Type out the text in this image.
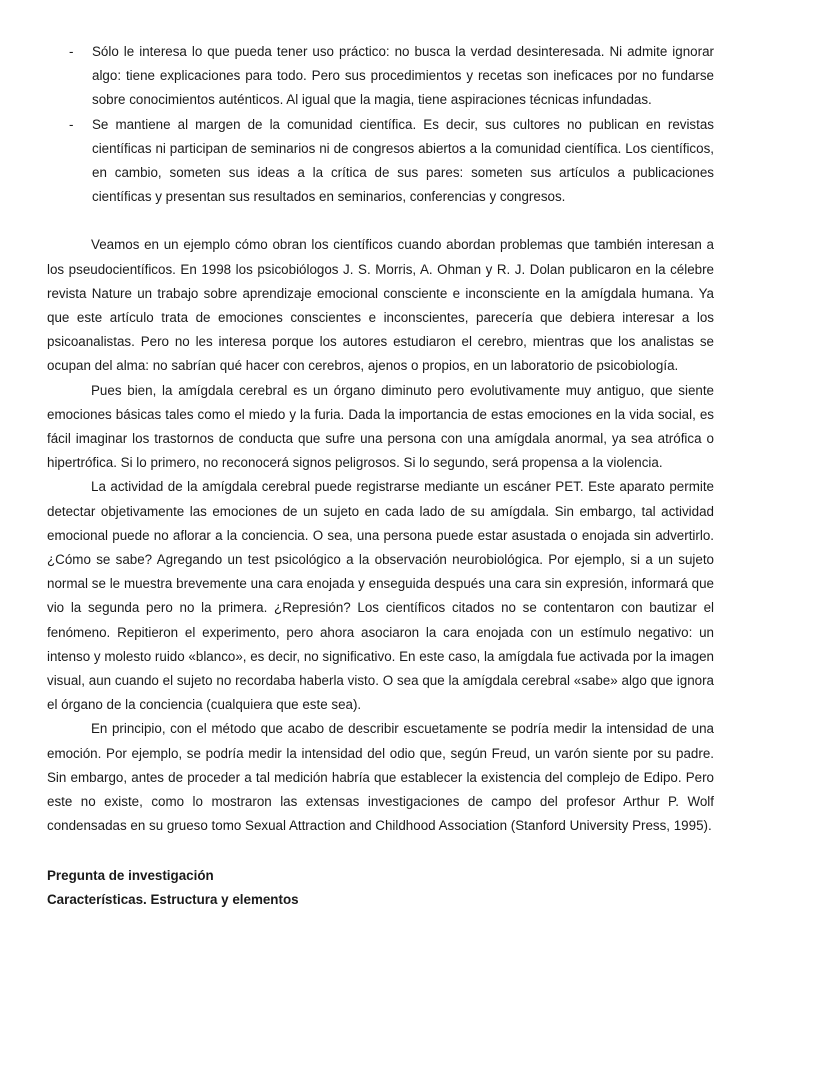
- Sólo le interesa lo que pueda tener uso práctico: no busca la verdad desinteresada. Ni admite ignorar algo: tiene explicaciones para todo. Pero sus procedimientos y recetas son ineficaces por no fundarse sobre conocimientos auténticos. Al igual que la magia, tiene aspiraciones técnicas infundadas.
- Se mantiene al margen de la comunidad científica. Es decir, sus cultores no publican en revistas científicas ni participan de seminarios ni de congresos abiertos a la comunidad científica. Los científicos, en cambio, someten sus ideas a la crítica de sus pares: someten sus artículos a publicaciones científicas y presentan sus resultados en seminarios, conferencias y congresos.

Veamos en un ejemplo cómo obran los científicos cuando abordan problemas que también interesan a los pseudocientíficos. En 1998 los psicobiólogos J. S. Morris, A. Ohman y R. J. Dolan publicaron en la célebre revista Nature un trabajo sobre aprendizaje emocional consciente e inconsciente en la amígdala humana. Ya que este artículo trata de emociones conscientes e inconscientes, parecería que debiera interesar a los psicoanalistas. Pero no les interesa porque los autores estudiaron el cerebro, mientras que los analistas se ocupan del alma: no sabrían qué hacer con cerebros, ajenos o propios, en un laboratorio de psicobiología.

Pues bien, la amígdala cerebral es un órgano diminuto pero evolutivamente muy antiguo, que siente emociones básicas tales como el miedo y la furia. Dada la importancia de estas emociones en la vida social, es fácil imaginar los trastornos de conducta que sufre una persona con una amígdala anormal, ya sea atrófica o hipertrófica. Si lo primero, no reconocerá signos peligrosos. Si lo segundo, será propensa a la violencia.

La actividad de la amígdala cerebral puede registrarse mediante un escáner PET. Este aparato permite detectar objetivamente las emociones de un sujeto en cada lado de su amígdala. Sin embargo, tal actividad emocional puede no aflorar a la conciencia. O sea, una persona puede estar asustada o enojada sin advertirlo. ¿Cómo se sabe? Agregando un test psicológico a la observación neurobiológica. Por ejemplo, si a un sujeto normal se le muestra brevemente una cara enojada y enseguida después una cara sin expresión, informará que vio la segunda pero no la primera. ¿Represión? Los científicos citados no se contentaron con bautizar el fenómeno. Repitieron el experimento, pero ahora asociaron la cara enojada con un estímulo negativo: un intenso y molesto ruido «blanco», es decir, no significativo. En este caso, la amígdala fue activada por la imagen visual, aun cuando el sujeto no recordaba haberla visto. O sea que la amígdala cerebral «sabe» algo que ignora el órgano de la conciencia (cualquiera que este sea).

En principio, con el método que acabo de describir escuetamente se podría medir la intensidad de una emoción. Por ejemplo, se podría medir la intensidad del odio que, según Freud, un varón siente por su padre. Sin embargo, antes de proceder a tal medición habría que establecer la existencia del complejo de Edipo. Pero este no existe, como lo mostraron las extensas investigaciones de campo del profesor Arthur P. Wolf condensadas en su grueso tomo Sexual Attraction and Childhood Association (Stanford University Press, 1995).

Pregunta de investigación

Características. Estructura y elementos
